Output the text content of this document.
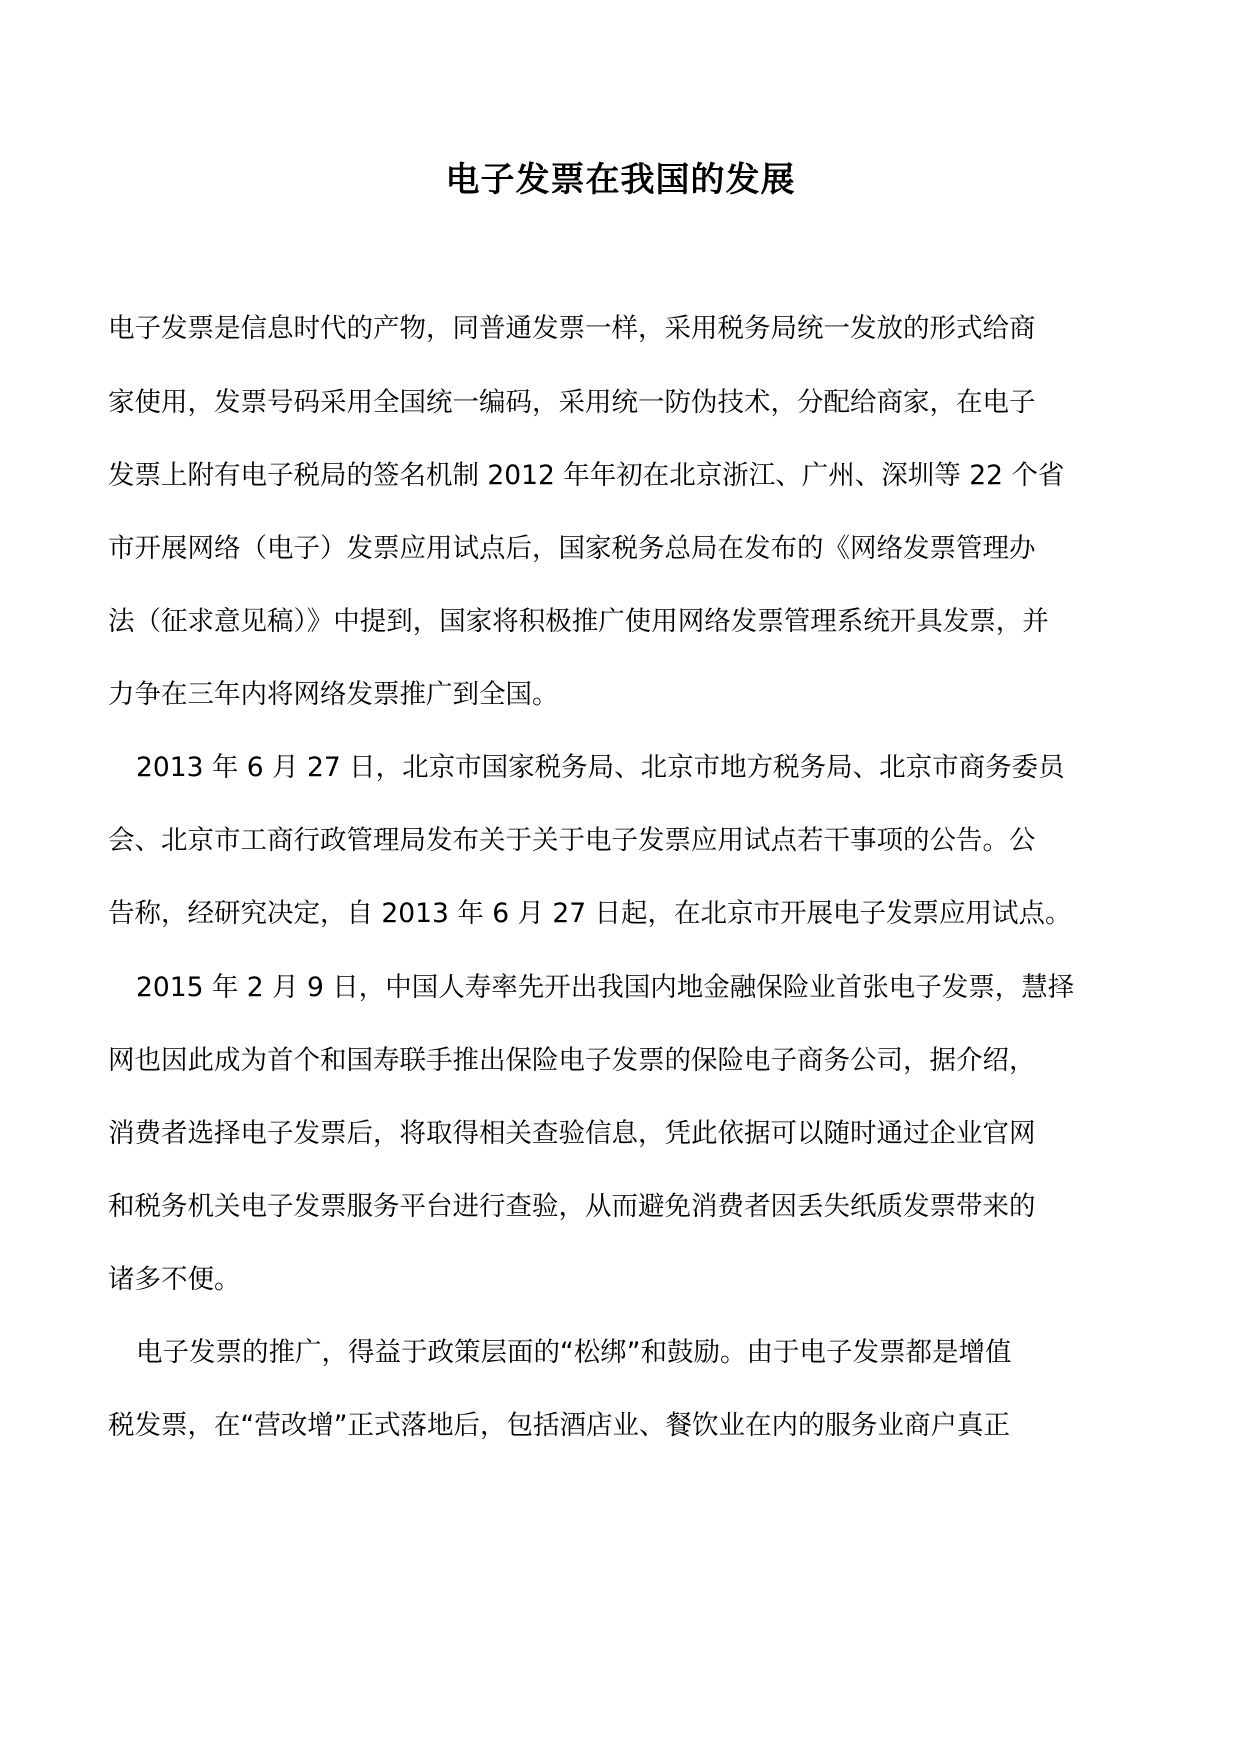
电子发票在我国的发展
电子发票是信息时代的产物，同普通发票一样，采用税务局统一发放的形式给商
家使用，发票号码采用全国统一编码，采用统一防伪技术，分配给商家，在电子
发票上附有电子税局的签名机制 2012 年年初在北京浙江、广州、深圳等 22 个省
市开展网络（电子）发票应用试点后，国家税务总局在发布的《网络发票管理办
法（征求意见稿）》中提到，国家将积极推广使用网络发票管理系统开具发票，并
力争在三年内将网络发票推广到全国。
2013 年 6 月 27 日，北京市国家税务局、北京市地方税务局、北京市商务委员
会、北京市工商行政管理局发布关于关于电子发票应用试点若干事项的公告。公
告称，经研究决定，自 2013 年 6 月 27 日起，在北京市开展电子发票应用试点。
2015 年 2 月 9 日，中国人寿率先开出我国内地金融保险业首张电子发票，慧择
网也因此成为首个和国寿联手推出保险电子发票的保险电子商务公司，据介绍，
消费者选择电子发票后，将取得相关查验信息，凭此依据可以随时通过企业官网
和税务机关电子发票服务平台进行查验，从而避免消费者因丢失纸质发票带来的
诸多不便。
电子发票的推广，得益于政策层面的“松绑”和鼓励。由于电子发票都是增值
税发票，在“营改增”正式落地后，包括酒店业、餐饮业在内的服务业商户真正
